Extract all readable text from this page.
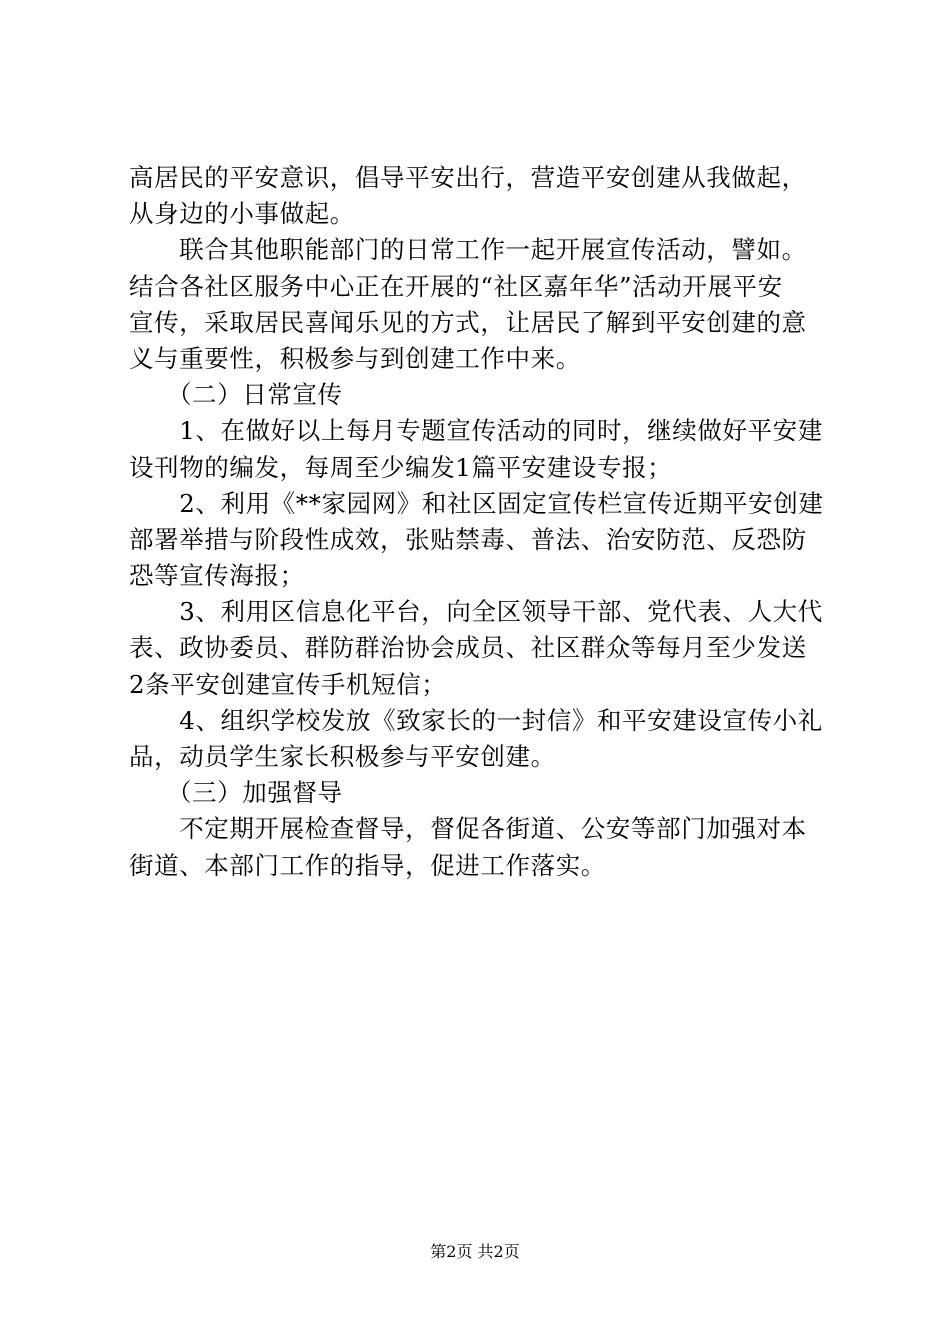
高居民的平安意识，倡导平安出行，营造平安创建从我做起，
从身边的小事做起。
　　联合其他职能部门的日常工作一起开展宣传活动，譬如。
结合各社区服务中心正在开展的“社区嘉年华”活动开展平安
宣传，采取居民喜闻乐见的方式，让居民了解到平安创建的意
义与重要性，积极参与到创建工作中来。
　　（二）日常宣传
　　1、在做好以上每月专题宣传活动的同时，继续做好平安建
设刊物的编发，每周至少编发1篇平安建设专报；
　　2、利用《**家园网》和社区固定宣传栏宣传近期平安创建
部署举措与阶段性成效，张贴禁毒、普法、治安防范、反恐防
恐等宣传海报；
　　3、利用区信息化平台，向全区领导干部、党代表、人大代
表、政协委员、群防群治协会成员、社区群众等每月至少发送
2条平安创建宣传手机短信；
　　4、组织学校发放《致家长的一封信》和平安建设宣传小礼
品，动员学生家长积极参与平安创建。
　　（三）加强督导
　　不定期开展检查督导，督促各街道、公安等部门加强对本
街道、本部门工作的指导，促进工作落实。
第2页 共2页
